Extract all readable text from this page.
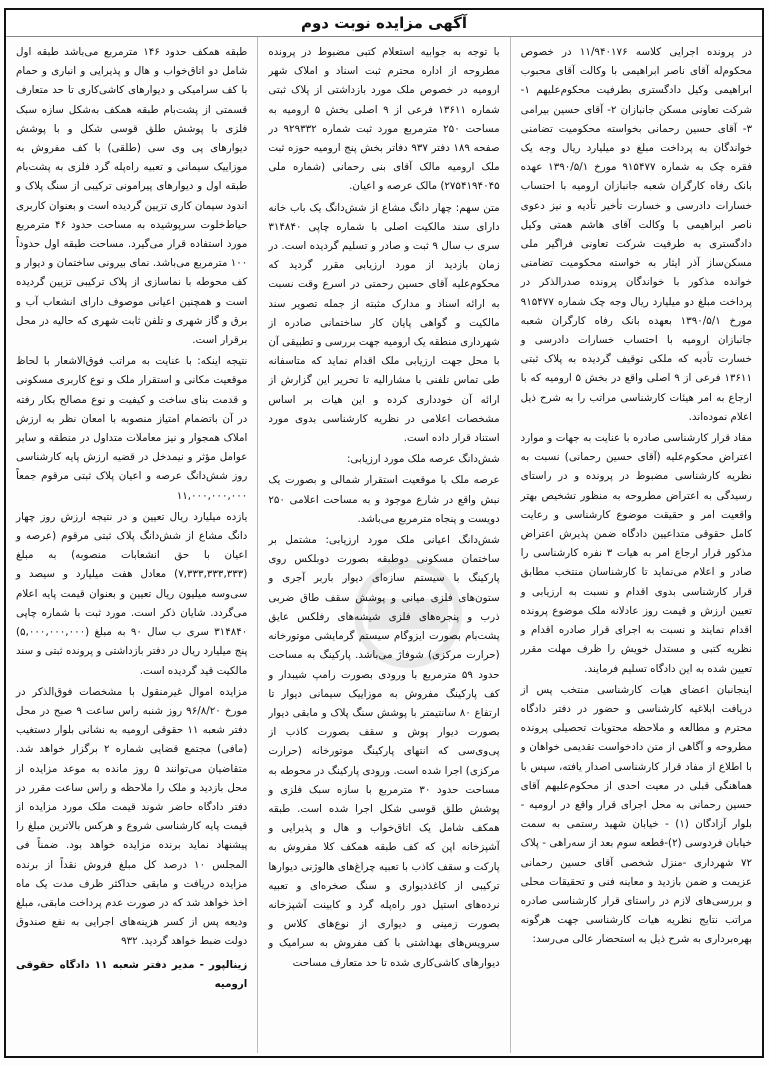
آگهی مزایده نوبت دوم

در پرونده اجرایی کلاسه ۱۱/۹۴۰۱۷۶ در خصوص محکوم‌له آقای ناصر ابراهیمی با وکالت آقای محبوب ابراهیمی وکیل دادگستری بطرفیت محکوم‌علیهم ۱- شرکت تعاونی مسکن جانبازان ۲- آقای حسین بیرامی ۳- آقای حسین رحمانی بخواسته محکومیت تضامنی خواندگان به پرداخت مبلغ دو میلیارد ریال وجه یک فقره چک به شماره ۹۱۵۴۷۷ مورخ ۱۳۹۰/۵/۱ عهده بانک رفاه کارگران شعبه جانبازان ارومیه با احتساب خسارات دادرسی و خسارت تأخیر تأدیه و نیز دعوی ناصر ابراهیمی با وکالت آقای هاشم همتی وکیل دادگستری به طرفیت شرکت تعاونی فراگیر ملی مسکن‌ساز آذر ایثار به خواسته محکومیت تضامنی خوانده مذکور با خواندگان پرونده صدرالذکر در پرداخت مبلغ دو میلیارد ریال وجه چک شماره ۹۱۵۴۷۷ مورخ ۱۳۹۰/۵/۱ بعهده بانک رفاه کارگران شعبه جانبازان ارومیه با احتساب خسارات دادرسی و خسارت تأدیه که ملکی توقیف گردیده به پلاک ثبتی ۱۳۶۱۱ فرعی از ۹ اصلی واقع در بخش ۵ ارومیه که با ارجاع به امر هیئات کارشناسی مراتب را به شرح ذیل اعلام نموده‌اند.

مفاد قرار کارشناسی صادره با عنایت به جهات و موارد اعتراض محکوم‌علیه (آقای حسین رحمانی) نسبت به نظریه کارشناسی مضبوط در پرونده و در راستای رسیدگی به اعتراض مطروحه به منظور تشخیص بهتر واقعیت امر و حقیقت موضوع کارشناسی و رعایت کامل حقوقی متداعیین دادگاه ضمن پذیرش اعتراض مذکور قرار ارجاع امر به هیات ۳ نفره کارشناسی را صادر و اعلام می‌نماید تا کارشناسان منتخب مطابق قرار کارشناسی بدوی اقدام و نسبت به ارزیابی و تعیین ارزش و قیمت روز عادلانه ملک موضوع پرونده اقدام نمایند و نسبت به اجرای قرار صادره اقدام و نظریه کتبی و مستدل خویش را ظرف مهلت مقرر تعیین شده به این دادگاه تسلیم فرمایند.

اینجانبان اعضای هیات کارشناسی منتخب پس از دریافت ابلاغیه کارشناسی و حضور در دفتر دادگاه محترم و مطالعه و ملاحظه محتویات تحصیلی پرونده مطروحه و آگاهی از متن دادخواست تقدیمی خواهان و با اطلاع از مفاد قرار کارشناسی اصدار یافته، سپس با هماهنگی قبلی در معیت احدی از محکوم‌علیهم آقای حسین رحمانی به محل اجرای قرار واقع در ارومیه - بلوار آزادگان (۱) - خیابان شهید رستمی به سمت خیابان فردوسی (۲)-قطعه سوم بعد از سه‌راهی - پلاک ۷۲ شهرداری -منزل شخصی آقای حسین رحمانی عزیمت و ضمن بازدید و معاینه فنی و تحقیقات محلی و بررسی‌های لازم در راستای قرار کارشناسی صادره مراتب نتایج نظریه هیات کارشناسی جهت هرگونه بهره‌برداری به شرح ذیل به استحضار عالی می‌رسد:

با توجه به جوابیه استعلام کتبی مضبوط در پرونده مطروحه از اداره محترم ثبت اسناد و املاک شهر ارومیه در خصوص ملک مورد بازداشتی از پلاک ثبتی شماره ۱۳۶۱۱ فرعی از ۹ اصلی بخش ۵ ارومیه به مساحت ۲۵۰ مترمربع مورد ثبت شماره ۹۲۹۳۳۲ در صفحه ۱۸۹ دفتر ۹۳۷ دفاتر بخش پنج ارومیه حوزه ثبت ملک ارومیه مالک آقای بنی رحمانی (شماره ملی ۲۷۵۴۱۹۴۰۴۵) مالک عرصه و اعیان.

متن سهم: چهار دانگ مشاع از شش‌دانگ یک باب خانه دارای سند مالکیت اصلی با شماره چاپی ۳۱۴۸۴۰ سری ب سال ۹ ثبت و صادر و تسلیم گردیده است. در زمان بازدید از مورد ارزیابی مقرر گردید که محکوم‌علیه آقای حسین رحمتی در اسرع وقت نسبت به ارائه اسناد و مدارک مثبته از جمله تصویر سند مالکیت و گواهی پایان کار ساختمانی صادره از شهرداری منطقه یک ارومیه جهت بررسی و تطبیقی آن با محل جهت ارزیابی ملک اقدام نماید که متاسفانه طی تماس تلفنی با مشارالیه تا تحریر این گزارش از ارائه آن خودداری کرده و این هیات بر اساس مشخصات اعلامی در نظریه کارشناسی بدوی مورد استناد قرار داده است.

شش‌دانگ عرصه ملک مورد ارزیابی:

عرصه ملک با موقعیت استقرار شمالی و بصورت یک نبش واقع در شارع موجود و به مساحت اعلامی ۲۵۰ دویست و پنجاه مترمربع می‌باشد.

شش‌دانگ اعیانی ملک مورد ارزیابی: مشتمل بر ساختمان مسکونی دوطبقه بصورت دوبلکس روی پارکینگ با سیستم سازه‌ای دیوار باربر آجری و ستون‌های فلزی میانی و پوشش سقف طاق ضربی ذرب و پنجره‌های فلزی شیشه‌های رفلکس عایق پشت‌بام بصورت ایزوگام سیستم گرمایشی موتورخانه (حرارت مرکزی) شوفاژ می‌باشد. پارکینگ به مساحت حدود ۵۹ مترمربع با ورودی بصورت رامپ شیبدار و کف پارکینگ مفروش به موزاییک سیمانی دیوار تا ارتفاع ۸۰ سانتیمتر با پوشش سنگ پلاک و مابقی دیوار بصورت دیوار پوش و سقف بصورت کاذب از پی‌وی‌سی که انتهای پارکینگ موتورخانه (حرارت مرکزی) اجرا شده است. ورودی پارکینگ در محوطه به مساحت حدود ۳۰ مترمربع با سازه سبک فلزی و پوشش طلق قوسی شکل اجرا شده است. طبقه همکف شامل یک اتاق‌خواب و هال و پذیرایی و آشپزخانه اپن که کف طبقه همکف کلا مفروش به پارکت و سقف کاذب با تعبیه چراغ‌های هالوژنی دیوارها ترکیبی از کاغذدیواری و سنگ صخره‌ای و تعبیه نرده‌های استیل دور راه‌پله گرد و کابینت آشپزخانه بصورت زمینی و دیواری از نوع‌های کلاس و سرویس‌های بهداشتی با کف مفروش به سرامیک و دیوارهای کاشی‌کاری شده تا حد متعارف مساحت

طبقه همکف حدود ۱۴۶ مترمربع می‌باشد طبقه اول شامل دو اتاق‌خواب و هال و پذیرایی و انباری و حمام با کف سرامیکی و دیوارهای کاشی‌کاری تا حد متعارف قسمتی از پشت‌بام طبقه همکف به‌شکل سازه سبک فلزی با پوشش طلق قوسی شکل و با پوشش دیوارهای پی وی سی (طلقی) با کف مفروش به موزاییک سیمانی و تعبیه راه‌پله گرد فلزی به پشت‌بام طبقه اول و دیوارهای پیرامونی ترکیبی از سنگ پلاک و اندود سیمان کاری تزیین گردیده است و بعنوان کاربری حیاط‌خلوت سرپوشیده به مساحت حدود ۴۶ مترمربع مورد استفاده قرار می‌گیرد. مساحت طبقه اول حدوداً ۱۰۰ مترمربع می‌باشد. نمای بیرونی ساختمان و دیوار و کف محوطه با نماسازی از پلاک ترکیبی تزیین گردیده است و همچنین اعیانی موصوف دارای انشعاب آب و برق و گاز شهری و تلفن ثابت شهری که حالیه در محل برقرار است.

نتیجه اینکه: با عنایت به مراتب فوق‌الاشعار با لحاظ موقعیت مکانی و استقرار ملک و نوع کاربری مسکونی و قدمت بنای ساخت و کیفیت و نوع مصالح بکار رفته در آن باتضمام امتیاز منصوبه با امعان نظر به ارزش املاک همجوار و نیز معاملات متداول در منطقه و سایر عوامل مؤثر و نیمدخل در قضیه ارزش پایه کارشناسی روز شش‌دانگ عرصه و اعیان پلاک ثبتی مرقوم جمعاً ۱۱,۰۰۰,۰۰۰,۰۰۰

یازده میلیارد ریال تعیین و در نتیجه ارزش روز چهار دانگ مشاع از شش‌دانگ پلاک ثبتی مرقوم (عرصه و اعیان با حق انشعابات منصوبه) به مبلغ (۷,۳۳۳,۳۳۳,۳۳۳) معادل هفت میلیارد و سیصد و سی‌وسه میلیون ریال تعیین و بعنوان قیمت پایه اعلام می‌گردد. شایان ذکر است. مورد ثبت با شماره چاپی ۳۱۴۸۴۰ سری ب سال ۹۰ به مبلغ (۵,۰۰۰,۰۰۰,۰۰۰) پنج میلیارد ریال در دفتر بازداشتی و پرونده ثبتی و سند مالکیت قید گردیده است.

مزایده اموال غیرمنقول با مشخصات فوق‌الذکر در مورخ ۹۶/۸/۲۰ روز شنبه راس ساعت ۹ صبح در محل دفتر شعبه ۱۱ حقوقی ارومیه به نشانی بلوار دستغیب (مافی) مجتمع قضایی شماره ۲ برگزار خواهد شد. متقاضیان می‌توانند ۵ روز مانده به موعد مزایده از محل بازدید و ملک را ملاحظه و راس ساعت مقرر در دفتر دادگاه حاضر شوند قیمت ملک مورد مزایده از قیمت پایه کارشناسی شروع و هرکس بالاترین مبلغ را پیشنهاد نماید برنده مزایده خواهد بود. ضمناً فی المجلس ۱۰ درصد کل مبلغ فروش نقداً از برنده مزایده دریافت و مابقی حداکثر ظرف مدت یک ماه اخذ خواهد شد که در صورت عدم پرداخت مابقی، مبلغ ودیعه پس از کسر هزینه‌های اجرایی به نفع صندوق دولت ضبط خواهد گردید. ۹۳۲

زینالپور - مدیر دفتر شعبه ۱۱ دادگاه حقوقی ارومیه
